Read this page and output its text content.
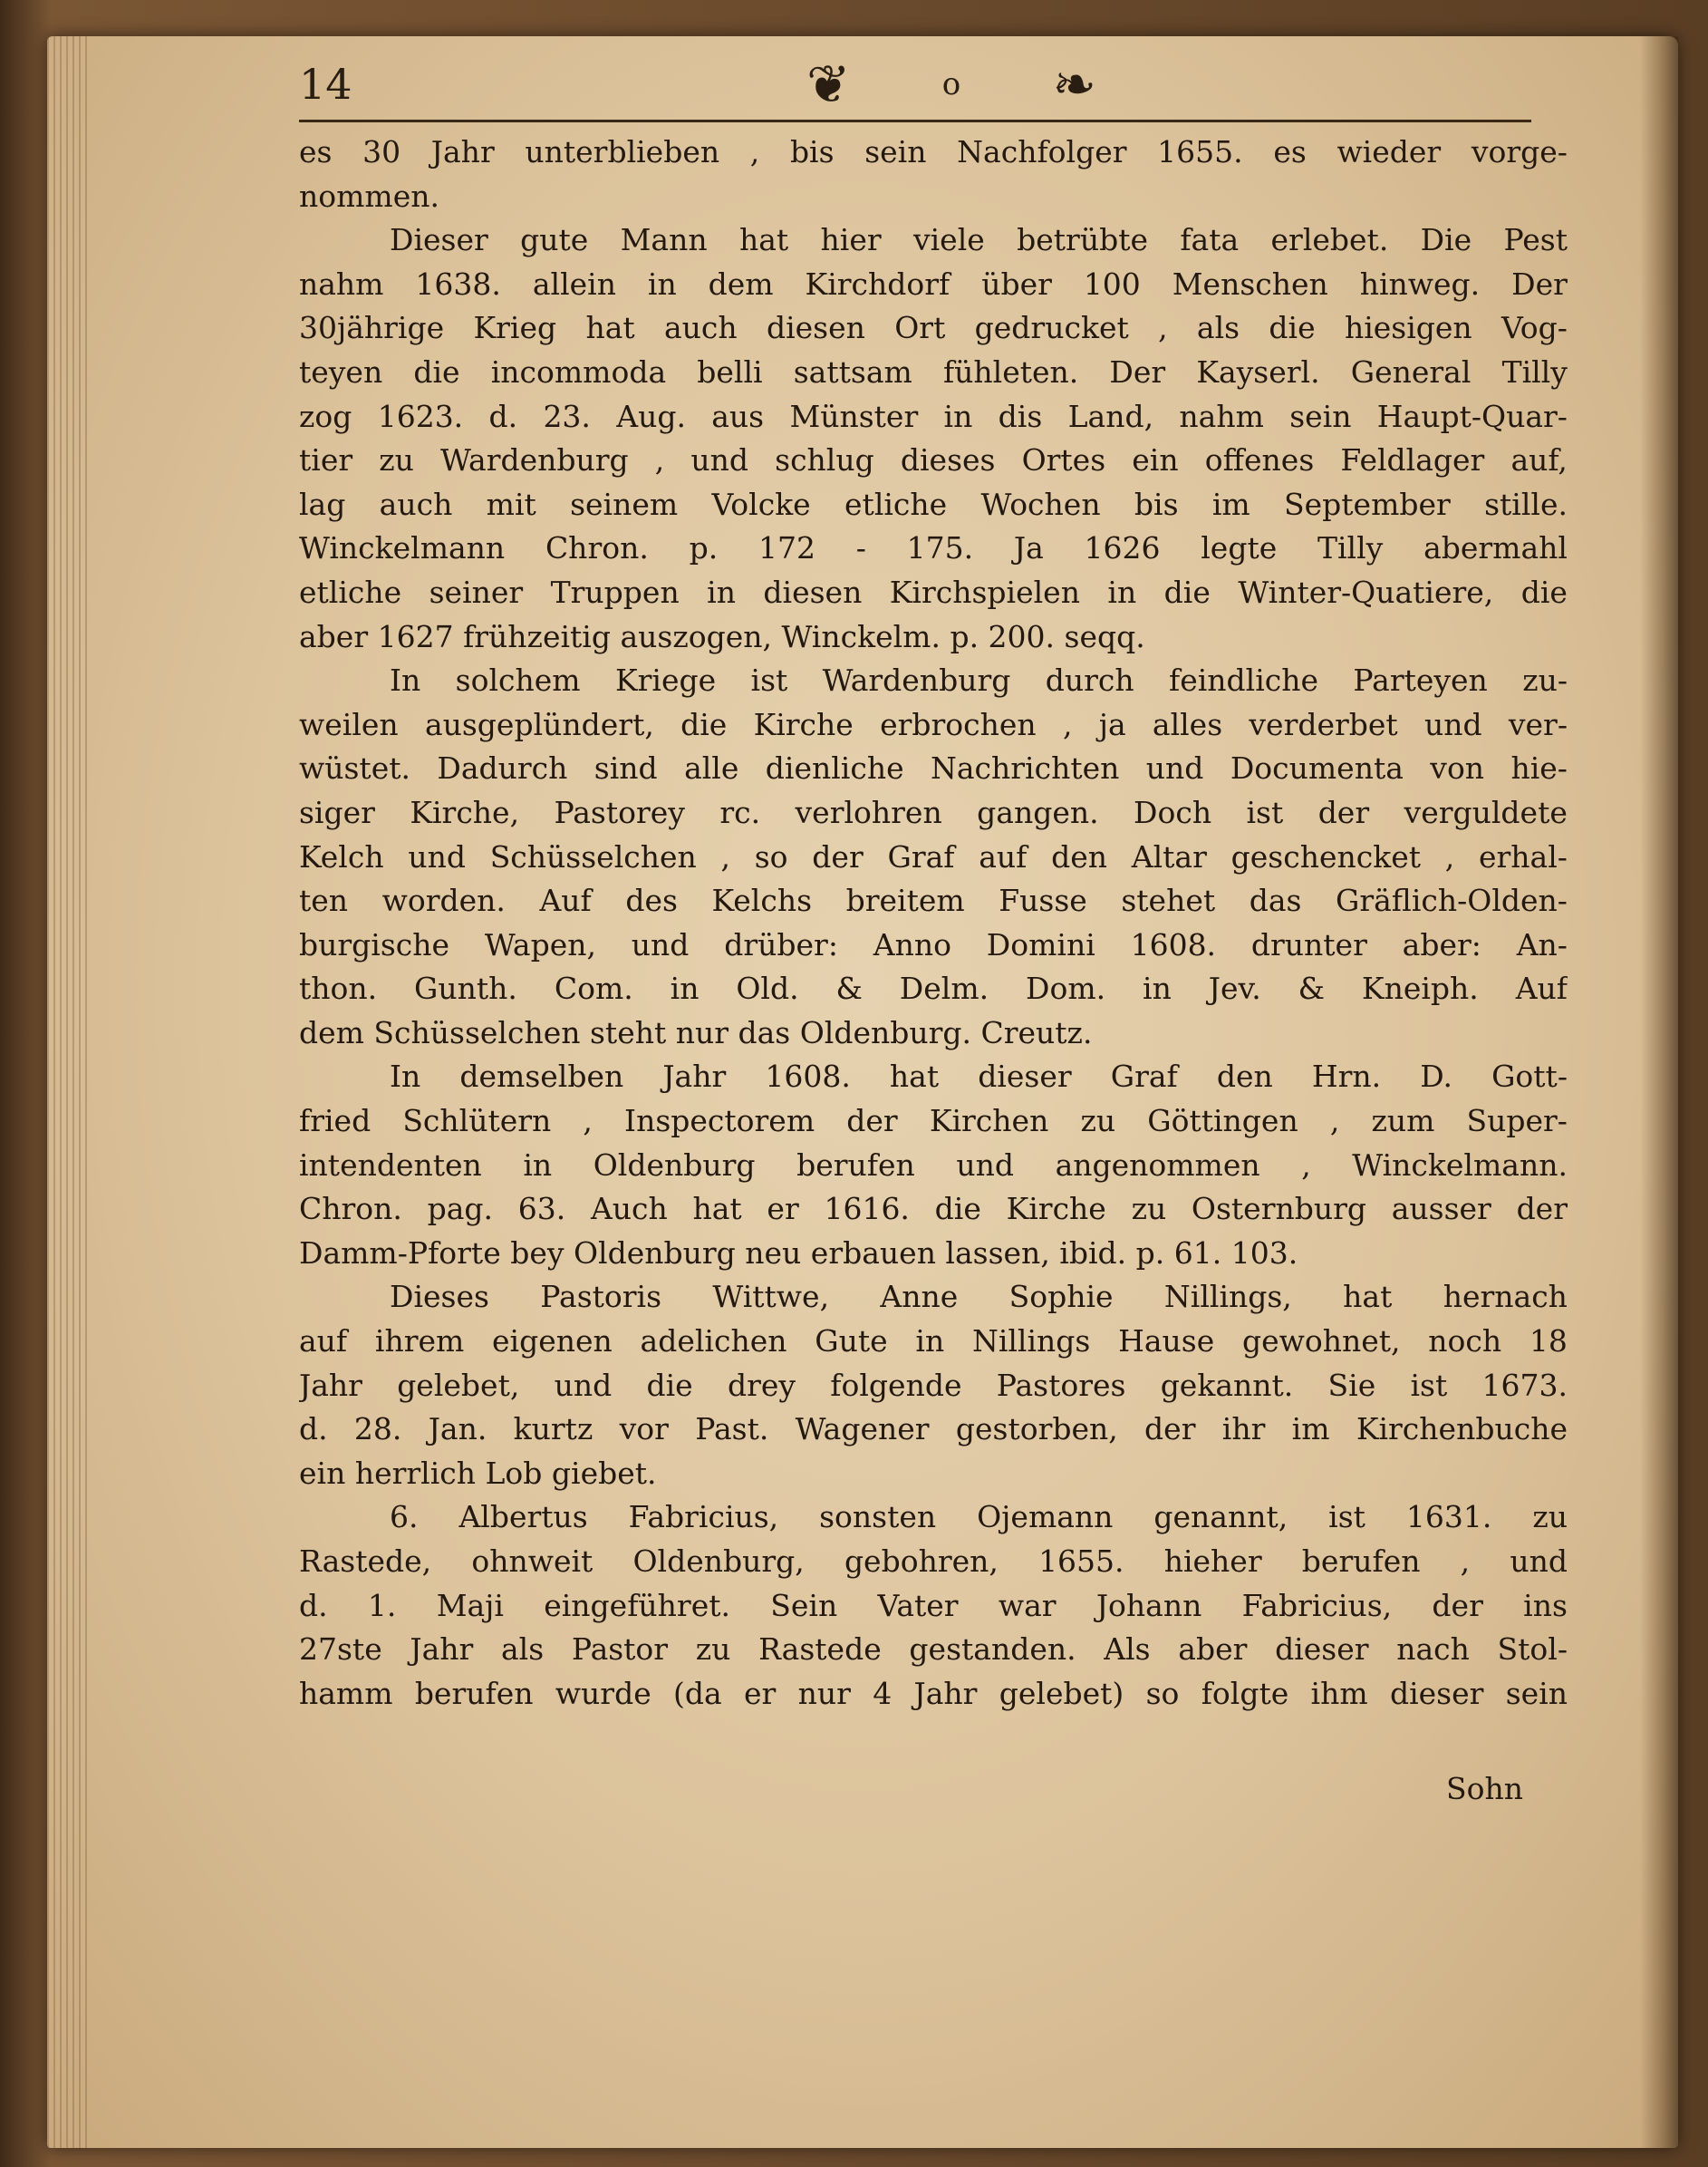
14	❦	o ❧
es 30 Jahr unterblieben , bis sein Nachfolger 1655. es wieder vorge-
nommen.
Dieser gute Mann hat hier viele betrübte fata erlebet. Die Pest
nahm 1638. allein in dem Kirchdorf über 100 Menschen hinweg. Der
30jährige Krieg hat auch diesen Ort gedrucket , als die hiesigen Vog-
teyen die incommoda belli sattsam fühleten. Der Kayserl. General Tilly
zog 1623. d. 23. Aug. aus Münster in dis Land, nahm sein Haupt-Quar-
tier zu Wardenburg , und schlug dieses Ortes ein offenes Feldlager auf,
lag auch mit seinem Volcke etliche Wochen bis im September stille.
Winckelmann Chron. p. 172 - 175. Ja 1626 legte Tilly abermahl
etliche seiner Truppen in diesen Kirchspielen in die Winter-Quatiere, die
aber 1627 frühzeitig auszogen, Winckelm. p. 200. seqq.
In solchem Kriege ist Wardenburg durch feindliche Parteyen zu-
weilen ausgeplündert, die Kirche erbrochen , ja alles verderbet und ver-
wüstet. Dadurch sind alle dienliche Nachrichten und Documenta von hie-
siger Kirche, Pastorey rc. verlohren gangen. Doch ist der verguldete
Kelch und Schüsselchen , so der Graf auf den Altar geschencket , erhal-
ten worden. Auf des Kelchs breitem Fusse stehet das Gräflich-Olden-
burgische Wapen, und drüber: Anno Domini 1608. drunter aber: An-
thon. Gunth. Com. in Old. & Delm. Dom. in Jev. & Kneiph. Auf
dem Schüsselchen steht nur das Oldenburg. Creutz.
In demselben Jahr 1608. hat dieser Graf den Hrn. D. Gott-
fried Schlütern , Inspectorem der Kirchen zu Göttingen , zum Super-
intendenten in Oldenburg berufen und angenommen , Winckelmann.
Chron. pag. 63. Auch hat er 1616. die Kirche zu Osternburg ausser der
Damm-Pforte bey Oldenburg neu erbauen lassen, ibid. p. 61. 103.
Dieses Pastoris Wittwe, Anne Sophie Nillings, hat hernach
auf ihrem eigenen adelichen Gute in Nillings Hause gewohnet, noch 18
Jahr gelebet, und die drey folgende Pastores gekannt. Sie ist 1673.
d. 28. Jan. kurtz vor Past. Wagener gestorben, der ihr im Kirchenbuche
ein herrlich Lob giebet.
6. Albertus Fabricius, sonsten Ojemann genannt, ist 1631. zu
Rastede, ohnweit Oldenburg, gebohren, 1655. hieher berufen , und
d. 1. Maji eingeführet. Sein Vater war Johann Fabricius, der ins
27ste Jahr als Pastor zu Rastede gestanden. Als aber dieser nach Stol-
hamm berufen wurde (da er nur 4 Jahr gelebet) so folgte ihm dieser sein
Sohn
